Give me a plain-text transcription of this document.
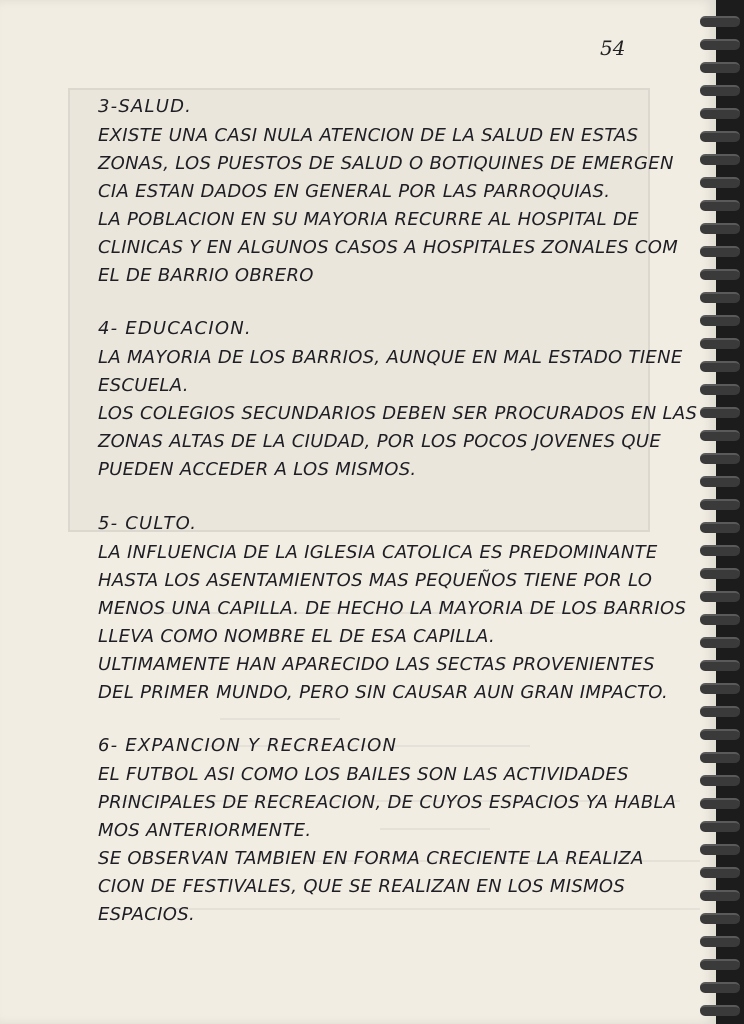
54
3-SALUD.
EXISTE UNA CASI NULA ATENCION DE LA SALUD EN ESTAS
ZONAS, LOS PUESTOS DE SALUD O BOTIQUINES DE EMERGEN
CIA ESTAN DADOS EN GENERAL POR LAS PARROQUIAS.
LA POBLACION EN SU MAYORIA RECURRE AL HOSPITAL DE
CLINICAS Y EN ALGUNOS CASOS A HOSPITALES ZONALES COM
EL DE BARRIO OBRERO
4- EDUCACION.
LA MAYORIA DE LOS BARRIOS, AUNQUE EN MAL ESTADO TIENE
ESCUELA.
LOS COLEGIOS SECUNDARIOS DEBEN SER PROCURADOS EN LAS
ZONAS ALTAS DE LA CIUDAD, POR LOS POCOS JOVENES QUE
PUEDEN ACCEDER A LOS MISMOS.
5- CULTO.
LA INFLUENCIA DE LA IGLESIA CATOLICA ES PREDOMINANTE
HASTA LOS ASENTAMIENTOS MAS PEQUEÑOS TIENE POR LO
MENOS UNA CAPILLA. DE HECHO LA MAYORIA DE LOS BARRIOS
LLEVA COMO NOMBRE EL DE ESA CAPILLA.
ULTIMAMENTE HAN APARECIDO LAS SECTAS PROVENIENTES
DEL PRIMER MUNDO, PERO SIN CAUSAR AUN GRAN IMPACTO.
6- EXPANCION Y RECREACION
EL FUTBOL ASI COMO LOS BAILES SON LAS ACTIVIDADES
PRINCIPALES DE RECREACION, DE CUYOS ESPACIOS YA HABLA
MOS ANTERIORMENTE.
SE OBSERVAN TAMBIEN EN FORMA CRECIENTE LA REALIZA
CION DE FESTIVALES, QUE SE REALIZAN EN LOS MISMOS
ESPACIOS.
